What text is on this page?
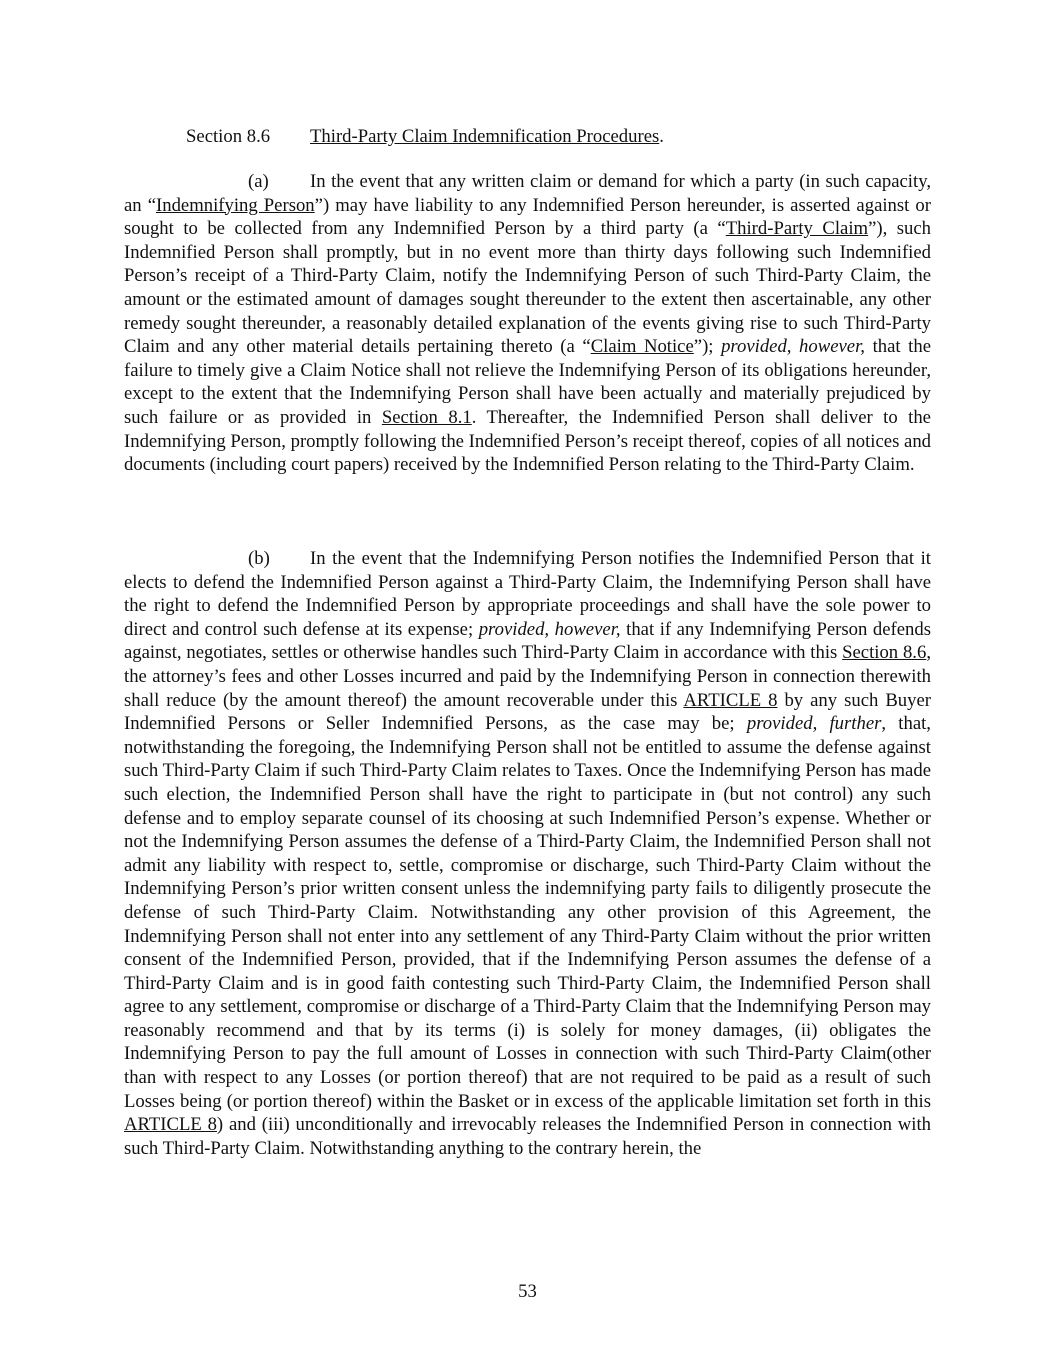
Section 8.6 Third-Party Claim Indemnification Procedures.

(a) In the event that any written claim or demand for which a party (in such capacity, an “Indemnifying Person”) may have liability to any Indemnified Person hereunder, is asserted against or sought to be collected from any Indemnified Person by a third party (a “Third-Party Claim”), such Indemnified Person shall promptly, but in no event more than thirty days following such Indemnified Person’s receipt of a Third-Party Claim, notify the Indemnifying Person of such Third-Party Claim, the amount or the estimated amount of damages sought thereunder to the extent then ascertainable, any other remedy sought thereunder, a reasonably detailed explanation of the events giving rise to such Third-Party Claim and any other material details pertaining thereto (a “Claim Notice”); provided, however, that the failure to timely give a Claim Notice shall not relieve the Indemnifying Person of its obligations hereunder, except to the extent that the Indemnifying Person shall have been actually and materially prejudiced by such failure or as provided in Section 8.1. Thereafter, the Indemnified Person shall deliver to the Indemnifying Person, promptly following the Indemnified Person’s receipt thereof, copies of all notices and documents (including court papers) received by the Indemnified Person relating to the Third-Party Claim.

(b) In the event that the Indemnifying Person notifies the Indemnified Person that it elects to defend the Indemnified Person against a Third-Party Claim, the Indemnifying Person shall have the right to defend the Indemnified Person by appropriate proceedings and shall have the sole power to direct and control such defense at its expense; provided, however, that if any Indemnifying Person defends against, negotiates, settles or otherwise handles such Third-Party Claim in accordance with this Section 8.6, the attorney’s fees and other Losses incurred and paid by the Indemnifying Person in connection therewith shall reduce (by the amount thereof) the amount recoverable under this ARTICLE 8 by any such Buyer Indemnified Persons or Seller Indemnified Persons, as the case may be; provided, further, that, notwithstanding the foregoing, the Indemnifying Person shall not be entitled to assume the defense against such Third-Party Claim if such Third-Party Claim relates to Taxes. Once the Indemnifying Person has made such election, the Indemnified Person shall have the right to participate in (but not control) any such defense and to employ separate counsel of its choosing at such Indemnified Person’s expense. Whether or not the Indemnifying Person assumes the defense of a Third-Party Claim, the Indemnified Person shall not admit any liability with respect to, settle, compromise or discharge, such Third-Party Claim without the Indemnifying Person’s prior written consent unless the indemnifying party fails to diligently prosecute the defense of such Third-Party Claim. Notwithstanding any other provision of this Agreement, the Indemnifying Person shall not enter into any settlement of any Third-Party Claim without the prior written consent of the Indemnified Person, provided, that if the Indemnifying Person assumes the defense of a Third-Party Claim and is in good faith contesting such Third-Party Claim, the Indemnified Person shall agree to any settlement, compromise or discharge of a Third-Party Claim that the Indemnifying Person may reasonably recommend and that by its terms (i) is solely for money damages, (ii) obligates the Indemnifying Person to pay the full amount of Losses in connection with such Third-Party Claim(other than with respect to any Losses (or portion thereof) that are not required to be paid as a result of such Losses being (or portion thereof) within the Basket or in excess of the applicable limitation set forth in this ARTICLE 8) and (iii) unconditionally and irrevocably releases the Indemnified Person in connection with such Third-Party Claim. Notwithstanding anything to the contrary herein, the

53
